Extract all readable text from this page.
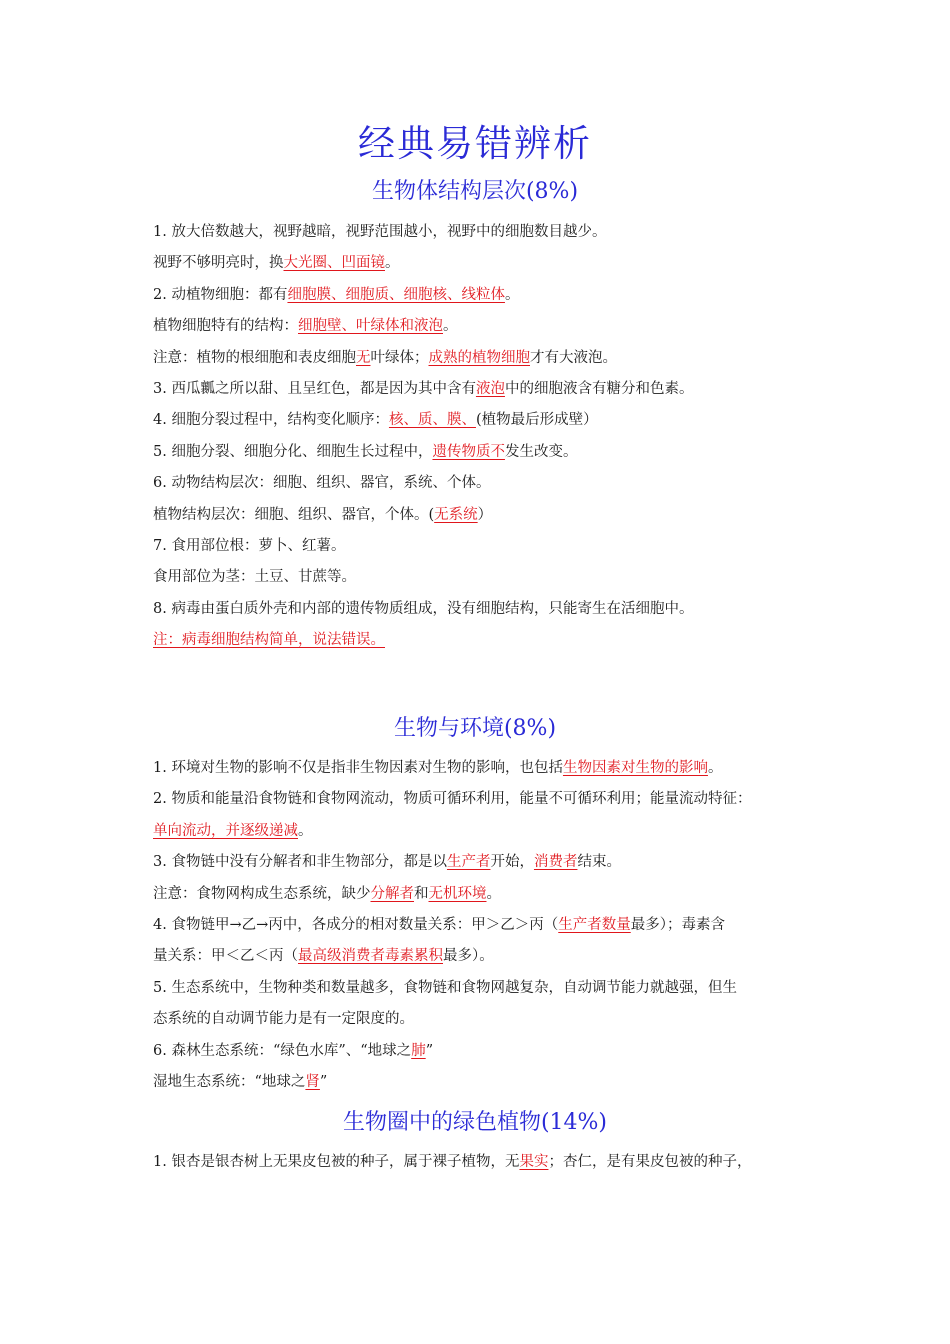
经典易错辨析
生物体结构层次(8%)
1. 放大倍数越大，视野越暗，视野范围越小，视野中的细胞数目越少。
视野不够明亮时，换大光圈、凹面镜。
2. 动植物细胞：都有细胞膜、细胞质、细胞核、线粒体。
植物细胞特有的结构：细胞壁、叶绿体和液泡。
注意：植物的根细胞和表皮细胞无叶绿体；成熟的植物细胞才有大液泡。
3. 西瓜瓤之所以甜、且呈红色，都是因为其中含有液泡中的细胞液含有糖分和色素。
4. 细胞分裂过程中，结构变化顺序：核、质、膜、(植物最后形成壁）
5. 细胞分裂、细胞分化、细胞生长过程中，遗传物质不发生改变。
6. 动物结构层次：细胞、组织、器官，系统、个体。
植物结构层次：细胞、组织、器官，个体。(无系统）
7. 食用部位根：萝卜、红薯。
食用部位为茎：土豆、甘蔗等。
8. 病毒由蛋白质外壳和内部的遗传物质组成，没有细胞结构，只能寄生在活细胞中。
注：病毒细胞结构简单，说法错误。
生物与环境(8%)
1. 环境对生物的影响不仅是指非生物因素对生物的影响，也包括生物因素对生物的影响。
2. 物质和能量沿食物链和食物网流动，物质可循环利用，能量不可循环利用；能量流动特征：
单向流动，并逐级递减。
3. 食物链中没有分解者和非生物部分，都是以生产者开始，消费者结束。
注意：食物网构成生态系统，缺少分解者和无机环境。
4. 食物链甲→乙→丙中，各成分的相对数量关系：甲＞乙＞丙（生产者数量最多）；毒素含
量关系：甲＜乙＜丙（最高级消费者毒素累积最多）。
5. 生态系统中，生物种类和数量越多，食物链和食物网越复杂，自动调节能力就越强，但生
态系统的自动调节能力是有一定限度的。
6. 森林生态系统：“绿色水库”、“地球之肺”
湿地生态系统：“地球之肾”
生物圈中的绿色植物(14%)
1. 银杏是银杏树上无果皮包被的种子，属于裸子植物，无果实；杏仁，是有果皮包被的种子，
